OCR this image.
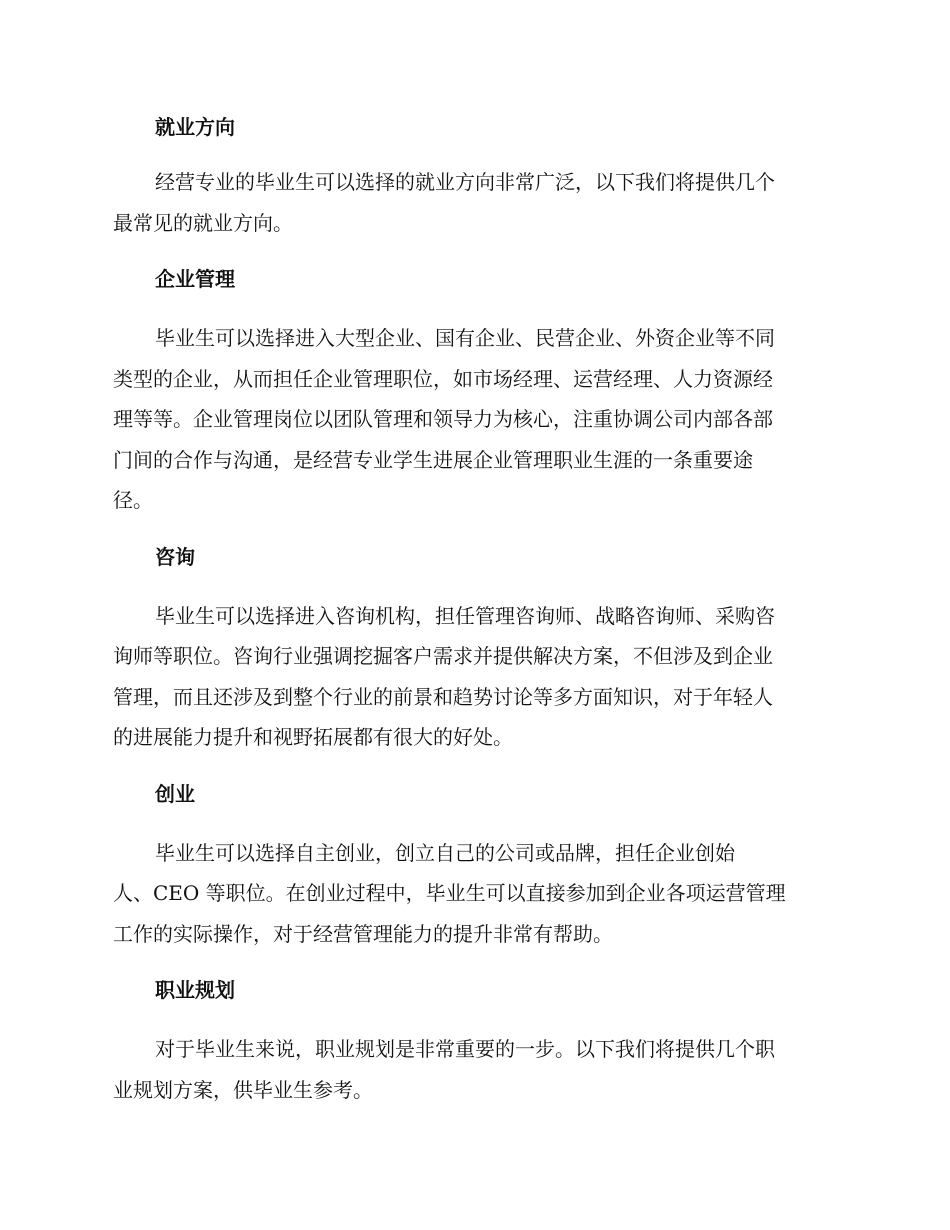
就业方向

经营专业的毕业生可以选择的就业方向非常广泛，以下我们将提供几个
最常见的就业方向。

企业管理

毕业生可以选择进入大型企业、国有企业、民营企业、外资企业等不同
类型的企业，从而担任企业管理职位，如市场经理、运营经理、人力资源经
理等等。企业管理岗位以团队管理和领导力为核心，注重协调公司内部各部
门间的合作与沟通，是经营专业学生进展企业管理职业生涯的一条重要途
径。

咨询

毕业生可以选择进入咨询机构，担任管理咨询师、战略咨询师、采购咨
询师等职位。咨询行业强调挖掘客户需求并提供解决方案，不但涉及到企业
管理，而且还涉及到整个行业的前景和趋势讨论等多方面知识，对于年轻人
的进展能力提升和视野拓展都有很大的好处。

创业

毕业生可以选择自主创业，创立自己的公司或品牌，担任企业创始
人、CEO 等职位。在创业过程中，毕业生可以直接参加到企业各项运营管理
工作的实际操作，对于经营管理能力的提升非常有帮助。

职业规划

对于毕业生来说，职业规划是非常重要的一步。以下我们将提供几个职
业规划方案，供毕业生参考。
